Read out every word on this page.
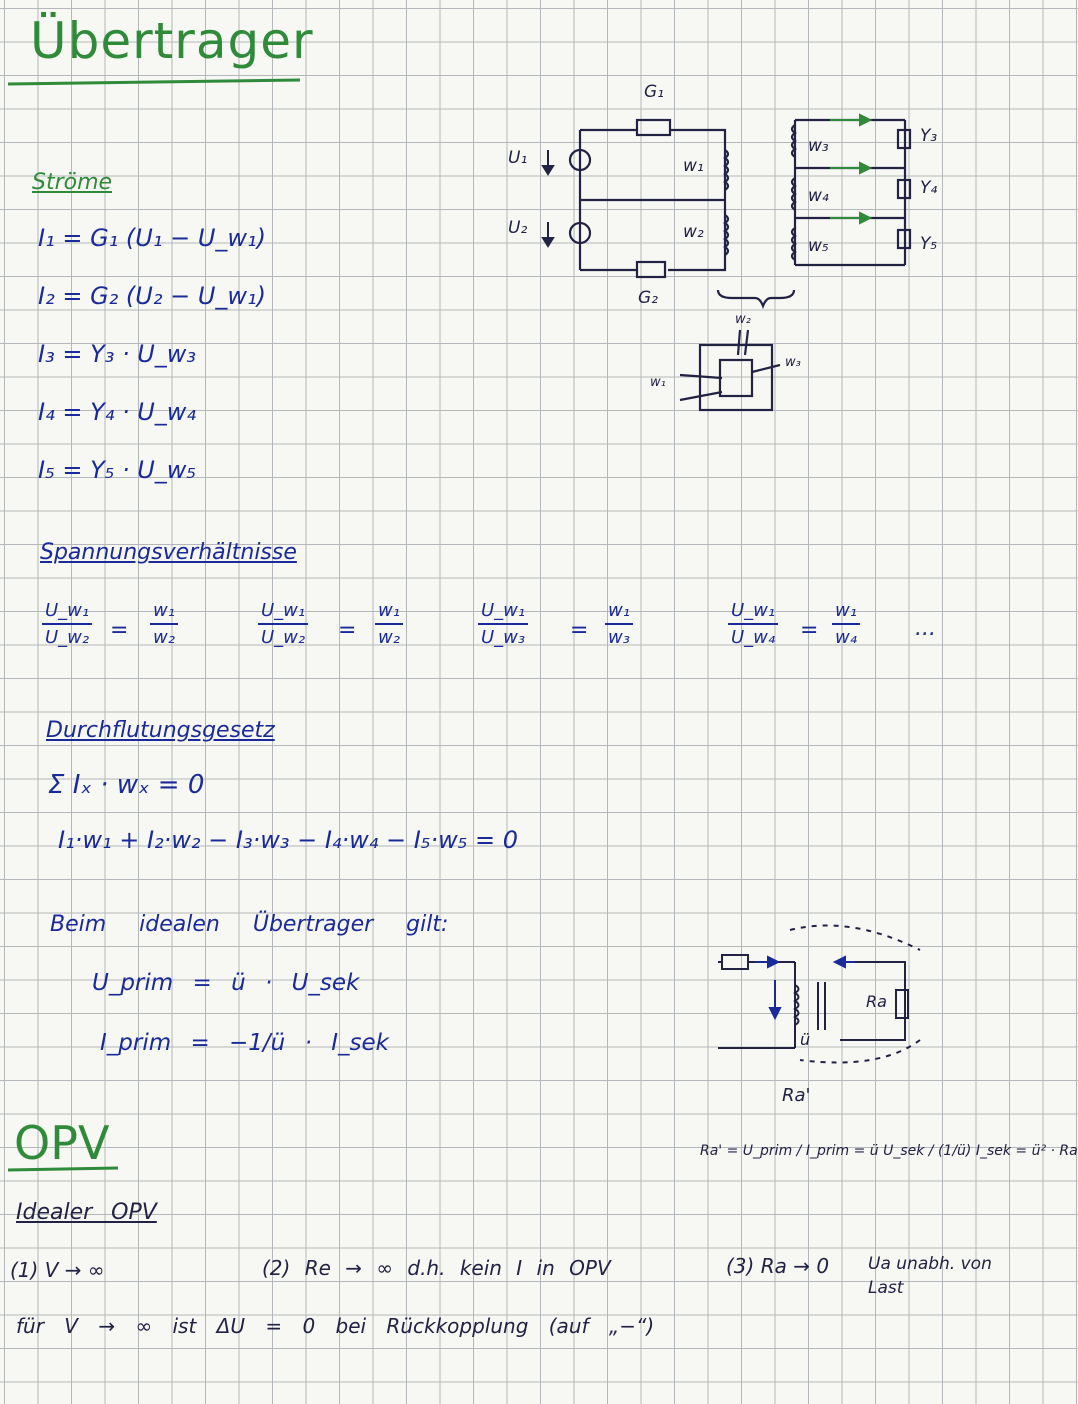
Übertrager
Ströme
I₁ = G₁ (U₁ − U_w₁)
I₂ = G₂ (U₂ − U_w₁)
I₃ = Y₃ · U_w₃
I₄ = Y₄ · U_w₄
I₅ = Y₅ · U_w₅
G₁
G₂
U₁
U₂
w₁
w₂
w₃
w₄
w₅
Y₃
Y₄
Y₅
w₁
w₂
w₃
Spannungsverhältnisse
$\frac{\text{U\_w₁}}{\text{U\_w₂}} = \frac{\text{w₁}}{\text{w₂}}$	$\frac{\text{U\_w₁}}{\text{U\_w₂}} = \frac{\text{w₁}}{\text{w₂}}$	$\frac{\text{U\_w₁}}{\text{U\_w₃}} = \frac{\text{w₁}}{\text{w₃}}$	$\frac{\text{U\_w₁}}{\text{U\_w₄}} = \frac{\text{w₁}}{\text{w₄}}$	...
Durchflutungsgesetz
Σ Iₓ · wₓ = 0
I₁·w₁ + I₂·w₂ − I₃·w₃ − I₄·w₄ − I₅·w₅ = 0
Beim idealen Übertrager gilt:
U_prim = ü · U_sek
I_prim = −1/ü · I_sek
Ra
ü
Ra'
Ra' = U_prim / I_prim = ü U_sek / (1/ü) I_sek = ü² · Ra
OPV
Idealer OPV
(1) V → ∞	(2) Re → ∞ d.h. kein I in OPV	(3) Ra → 0 Ua unabh. von Last
für V → ∞ ist ΔU = 0 bei Rückkopplung (auf „−“)
